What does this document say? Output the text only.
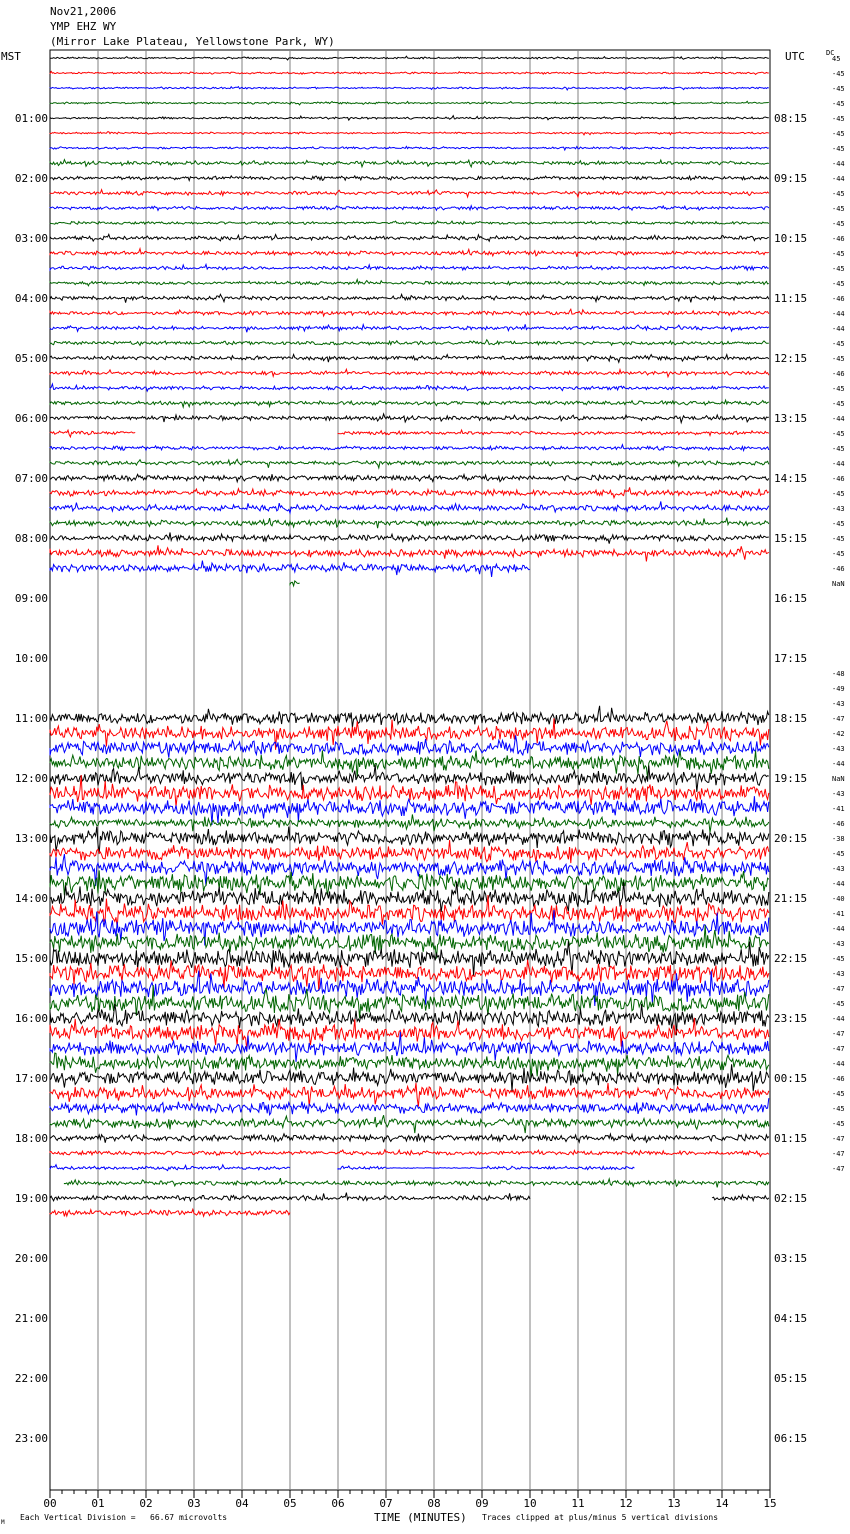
Nov21,2006
YMP EHZ WY
(Mirror Lake Plateau, Yellowstone Park, WY)
MST	UTC	DC
01:00
02:00
03:00
04:00
05:00
06:00
07:00
08:00
09:00
10:00
11:00
12:00
13:00
14:00
15:00
16:00
17:00
18:00
19:00
20:00
21:00
22:00
23:00
08:15
09:15
10:15
11:15
12:15
13:15
14:15
15:15
16:15
17:15
18:15
19:15
20:15
21:15
22:15
23:15
00:15
01:15
02:15
03:15
04:15
05:15
06:15
45
-45
-45
-45
-45
-45
-45
-44
-44
-45
-45
-45
-46
-45
-45
-45
-46
-44
-44
-45
-45
-46
-45
-45
-44
-45
-45
-44
-46
-45
-43
-45
-45
-45
-46
NaN
-48
-49
-43
-47
-42
-43
-44
NaN
-43
-41
-46
-38
-45
-43
-44
-40
-41
-44
-43
-45
-43
-47
-45
-44
-47
-47
-44
-46
-45
-45
-45
-47
-47
-47
00	01	02	03	04	05	06	07	08	09	10	11	12	13	14	15
M
Each Vertical Division =   66.67 microvolts	TIME (MINUTES) Traces clipped at plus/minus 5 vertical divisions
